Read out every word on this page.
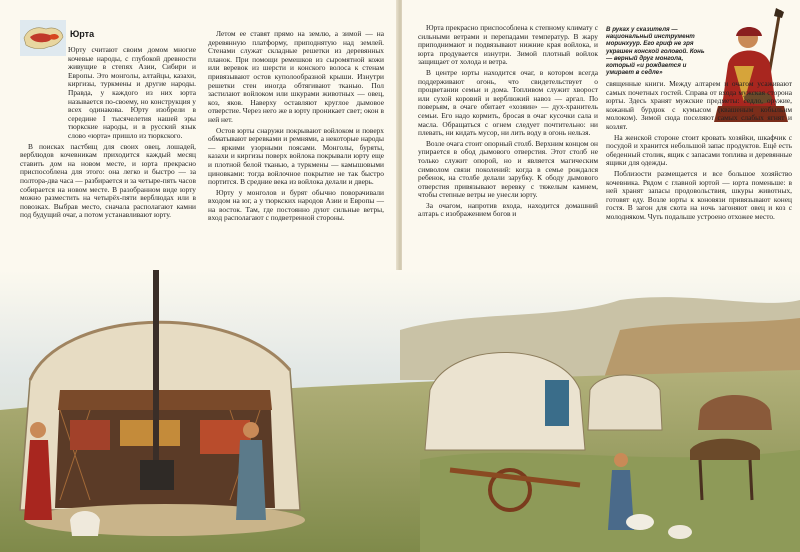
Юрта

Юрту считают своим домом многие кочевые народы, с глубокой древности живущие в степях Азии, Сибири и Европы. Это монголы, алтайцы, казахи, киргизы, туркмены и другие народы. Правда, у каждого из них юрта называется по-своему, но конструкция у всех одинакова. Юрту изобрели в середине I тысячелетия нашей эры тюркские народы, и в русский язык слово «юрта» пришло из тюркского.

В поисках пастбищ для своих овец, лошадей, верблюдов кочевникам приходится каждый месяц ставить дом на новом месте, и юрта прекрасно приспособлена для этого: она легко и быстро — за полтора-два часа — разбирается и за четыре-пять часов собирается на новом месте. В разобранном виде юрту можно разместить на четырёх-пяти верблюдах или в повозках. Выбрав место, сначала располагают камни под будущий очаг, а потом устанавливают юрту.

Летом ее ставят прямо на землю, а зимой — на деревянную платформу, приподнятую над землей. Стенами служат складные решетки из деревянных планок. При помощи ремешков из сыромятной кожи или веревок из шерсти и конского волоса к стенам привязывают остов куполообразной крыши. Изнутри решетки стен иногда обтягивают тканью. Пол застилают войлоком или шкурами животных — овец, коз, яков. Наверху оставляют круглое дымовое отверстие. Через него же в юрту проникает свет; окон в ней нет.

Остов юрты снаружи покрывают войлоком и поверх обматывают веревками и ремнями, а некоторые народы — яркими узорными поясами. Монголы, буряты, казахи и киргизы поверх войлока покрывали юрту еще и плотной белой тканью, а туркмены — камышовыми циновками: тогда войлочное покрытие не так быстро портится. В средние века из войлока делали и дверь.

Юрту у монголов и бурят обычно поворачивали входом на юг, а у тюркских народов Азии и Европы — на восток. Там, где постоянно дуют сильные ветры, вход располагают с подветренной стороны.

Юрта прекрасно приспособлена к степному климату с сильными ветрами и перепадами температур. В жару приподнимают и подвязывают нижние края войлока, и юрта продувается изнутри. Зимой плотный войлок защищает от холода и ветра.

В центре юрты находится очаг, в котором всегда поддерживают огонь, что свидетельствует о процветании семьи и дома. Топливом служит хворост или сухой коровий и верблюжий навоз — аргал. По поверьям, в очаге обитает «хозяин» — дух-хранитель семьи. Его надо кормить, бросая в очаг кусочки сала и масла. Обращаться с огнем следует почтительно: ни плевать, ни кидать мусор, ни лить воду в огонь нельзя.

Возле очага стоит опорный столб. Верхним концом он упирается в обод дымового отверстия. Этот столб не только служит опорой, но и является магическим символом связи поколений: когда в семье рождался ребенок, на столбе делали зарубку. К ободу дымового отверстия привязывают веревку с тяжелым камнем, чтобы степные ветры не унесли юрту.

За очагом, напротив входа, находится домашний алтарь с изображением богов и

В руках у сказителя — национальный инструмент моринхуур. Его гриф не зря украшен конской головой. Конь — верный друг монгола, который «и рождается и умирает в седле»

священные книги. Между алтарем и очагом усаживают самых почетных гостей. Справа от входа мужская сторона юрты. Здесь хранят мужские предметы: седло, оружие, кожаный бурдюк с кумысом (квашеным кобыльим молоком). Зимой сюда поселяют самых слабых ягнят и козлят.

На женской стороне стоит кровать хозяйки, шкафчик с посудой и хранится небольшой запас продуктов. Ещё есть обеденный столик, ящик с запасами топлива и деревянные ящики для одежды.

Поблизости размещается и все большое хозяйство кочевника. Рядом с главной юртой — юрта поменьше: в ней хранят запасы продовольствия, шкуры животных, готовят еду. Возле юрты к коновязи привязывают конец гостя. В загон для скота на ночь загоняют овец и коз с молодняком. Чуть подальше устроено отхожее место.
